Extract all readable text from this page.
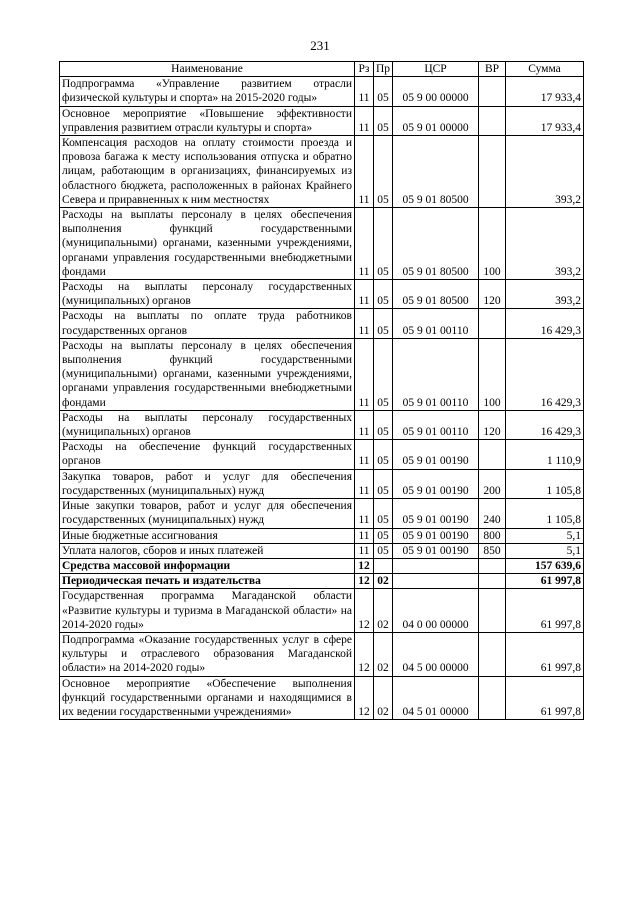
231
Наименование	Рз	Пр	ЦСР	ВР	Сумма
Подпрограмма «Управление развитием отрасли физической культуры и спорта» на 2015-2020 годы»	11	05	05 9 00 00000		17 933,4
Основное мероприятие «Повышение эффективности управления развитием отрасли культуры и спорта»	11	05	05 9 01 00000		17 933,4
Компенсация расходов на оплату стоимости проезда и провоза багажа к месту использования отпуска и обратно лицам, работающим в организациях, финансируемых из областного бюджета, расположенных в районах Крайнего Севера и приравненных к ним местностях	11	05	05 9 01 80500		393,2
Расходы на выплаты персоналу в целях обеспечения выполнения функций государственными (муниципальными) органами, казенными учреждениями, органами управления государственными внебюджетными фондами	11	05	05 9 01 80500	100	393,2
Расходы на выплаты персоналу государственных (муниципальных) органов	11	05	05 9 01 80500	120	393,2
Расходы на выплаты по оплате труда работников государственных органов	11	05	05 9 01 00110		16 429,3
Расходы на выплаты персоналу в целях обеспечения выполнения функций государственными (муниципальными) органами, казенными учреждениями, органами управления государственными внебюджетными фондами	11	05	05 9 01 00110	100	16 429,3
Расходы на выплаты персоналу государственных (муниципальных) органов	11	05	05 9 01 00110	120	16 429,3
Расходы на обеспечение функций государственных органов	11	05	05 9 01 00190		1 110,9
Закупка товаров, работ и услуг для обеспечения государственных (муниципальных) нужд	11	05	05 9 01 00190	200	1 105,8
Иные закупки товаров, работ и услуг для обеспечения государственных (муниципальных) нужд	11	05	05 9 01 00190	240	1 105,8
Иные бюджетные ассигнования	11	05	05 9 01 00190	800	5,1
Уплата налогов, сборов и иных платежей	11	05	05 9 01 00190	850	5,1
Средства массовой информации	12				157 639,6
Периодическая печать и издательства	12	02			61 997,8
Государственная программа Магаданской области «Развитие культуры и туризма в Магаданской области» на 2014-2020 годы»	12	02	04 0 00 00000		61 997,8
Подпрограмма «Оказание государственных услуг в сфере культуры и отраслевого образования Магаданской области» на 2014-2020 годы»	12	02	04 5 00 00000		61 997,8
Основное мероприятие «Обеспечение выполнения функций государственными органами и находящимися в их ведении государственными учреждениями»	12	02	04 5 01 00000		61 997,8
